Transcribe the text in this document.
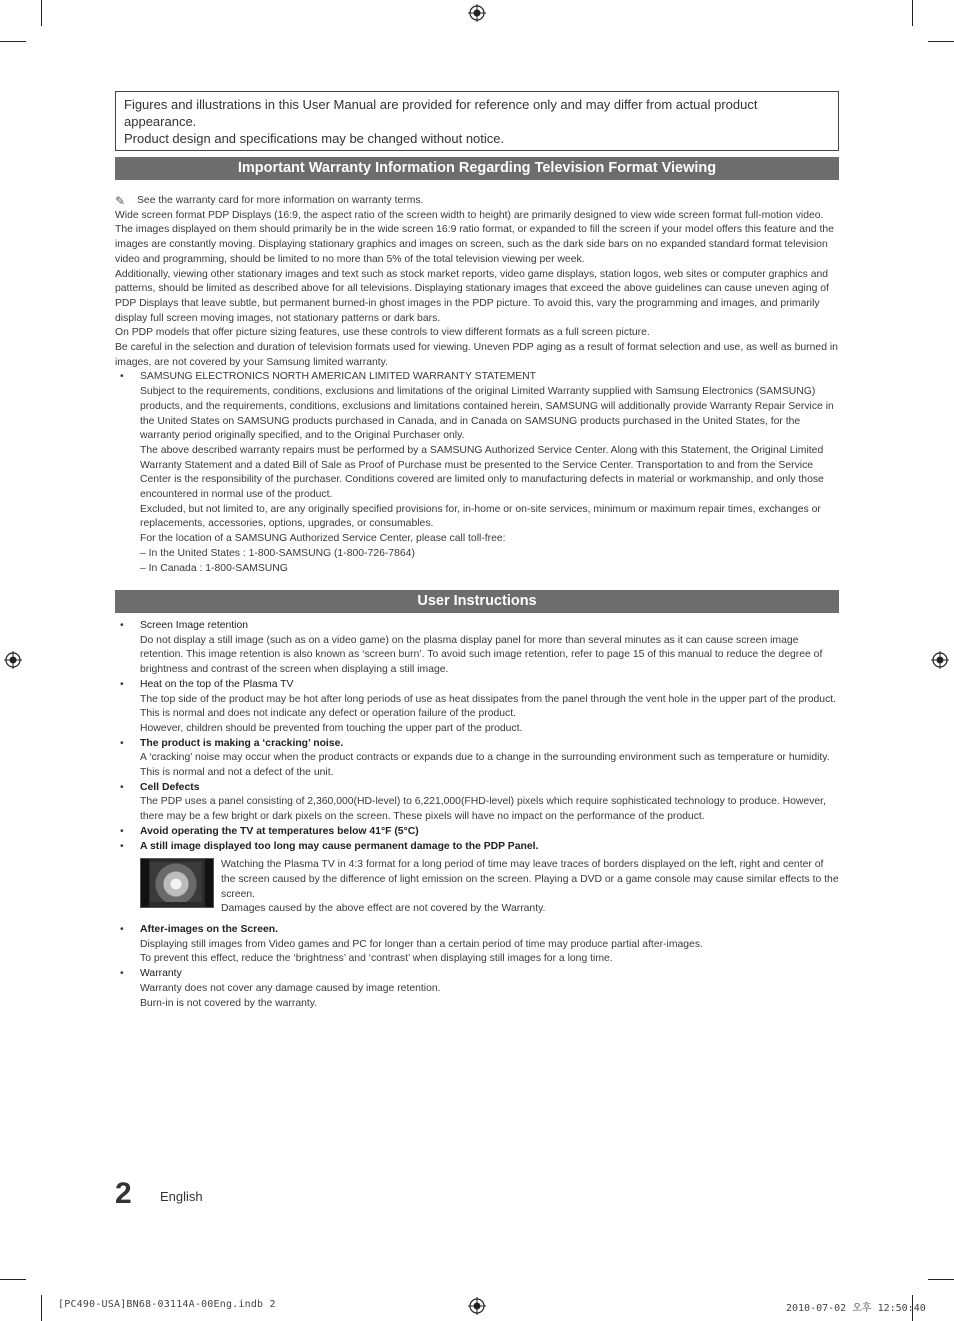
Figures and illustrations in this User Manual are provided for reference only and may differ from actual product appearance.
Product design and specifications may be changed without notice.
Important Warranty Information Regarding Television Format Viewing
✎	See the warranty card for more information on warranty terms.

Wide screen format PDP Displays (16:9, the aspect ratio of the screen width to height) are primarily designed to view wide screen format full-motion video. The images displayed on them should primarily be in the wide screen 16:9 ratio format, or expanded to fill the screen if your model offers this feature and the images are constantly moving. Displaying stationary graphics and images on screen, such as the dark side bars on no expanded standard format television video and programming, should be limited to no more than 5% of the total television viewing per week.

Additionally, viewing other stationary images and text such as stock market reports, video game displays, station logos, web sites or computer graphics and patterns, should be limited as described above for all televisions. Displaying stationary images that exceed the above guidelines can cause uneven aging of PDP Displays that leave subtle, but permanent burned-in ghost images in the PDP picture. To avoid this, vary the programming and images, and primarily display full screen moving images, not stationary patterns or dark bars.

On PDP models that offer picture sizing features, use these controls to view different formats as a full screen picture.

Be careful in the selection and duration of television formats used for viewing. Uneven PDP aging as a result of format selection and use, as well as burned in images, are not covered by your Samsung limited warranty.

• SAMSUNG ELECTRONICS NORTH AMERICAN LIMITED WARRANTY STATEMENT

Subject to the requirements, conditions, exclusions and limitations of the original Limited Warranty supplied with Samsung Electronics (SAMSUNG) products, and the requirements, conditions, exclusions and limitations contained herein, SAMSUNG will additionally provide Warranty Repair Service in the United States on SAMSUNG products purchased in Canada, and in Canada on SAMSUNG products purchased in the United States, for the warranty period originally specified, and to the Original Purchaser only.

The above described warranty repairs must be performed by a SAMSUNG Authorized Service Center. Along with this Statement, the Original Limited Warranty Statement and a dated Bill of Sale as Proof of Purchase must be presented to the Service Center. Transportation to and from the Service Center is the responsibility of the purchaser. Conditions covered are limited only to manufacturing defects in material or workmanship, and only those encountered in normal use of the product.

Excluded, but not limited to, are any originally specified provisions for, in-home or on-site services, minimum or maximum repair times, exchanges or replacements, accessories, options, upgrades, or consumables.

For the location of a SAMSUNG Authorized Service Center, please call toll-free:

– In the United States : 1-800-SAMSUNG (1-800-726-7864)

– In Canada : 1-800-SAMSUNG

User Instructions
• Screen Image retention

Do not display a still image (such as on a video game) on the plasma display panel for more than several minutes as it can cause screen image retention. This image retention is also known as ‘screen burn’. To avoid such image retention, refer to page 15 of this manual to reduce the degree of brightness and contrast of the screen when displaying a still image.

• Heat on the top of the Plasma TV

The top side of the product may be hot after long periods of use as heat dissipates from the panel through the vent hole in the upper part of the product.

This is normal and does not indicate any defect or operation failure of the product.

However, children should be prevented from touching the upper part of the product.

• The product is making a ‘cracking’ noise.

A ‘cracking’ noise may occur when the product contracts or expands due to a change in the surrounding environment such as temperature or humidity. This is normal and not a defect of the unit.

• Cell Defects

The PDP uses a panel consisting of 2,360,000(HD-level) to 6,221,000(FHD-level) pixels which require sophisticated technology to produce. However, there may be a few bright or dark pixels on the screen. These pixels will have no impact on the performance of the product.

• Avoid operating the TV at temperatures below 41°F (5°C)

• A still image displayed too long may cause permanent damage to the PDP Panel.

Watching the Plasma TV in 4:3 format for a long period of time may leave traces of borders displayed on the left, right and center of the screen caused by the difference of light emission on the screen. Playing a DVD or a game console may cause similar effects to the screen.

Damages caused by the above effect are not covered by the Warranty.

• After-images on the Screen.

Displaying still images from Video games and PC for longer than a certain period of time may produce partial after-images.

To prevent this effect, reduce the ‘brightness’ and ‘contrast’ when displaying still images for a long time.

• Warranty

Warranty does not cover any damage caused by image retention.

Burn-in is not covered by the warranty.

2 English
[PC490-USA]BN68-03114A-00Eng.indb 2	2010-07-02 오후 12:50:40
